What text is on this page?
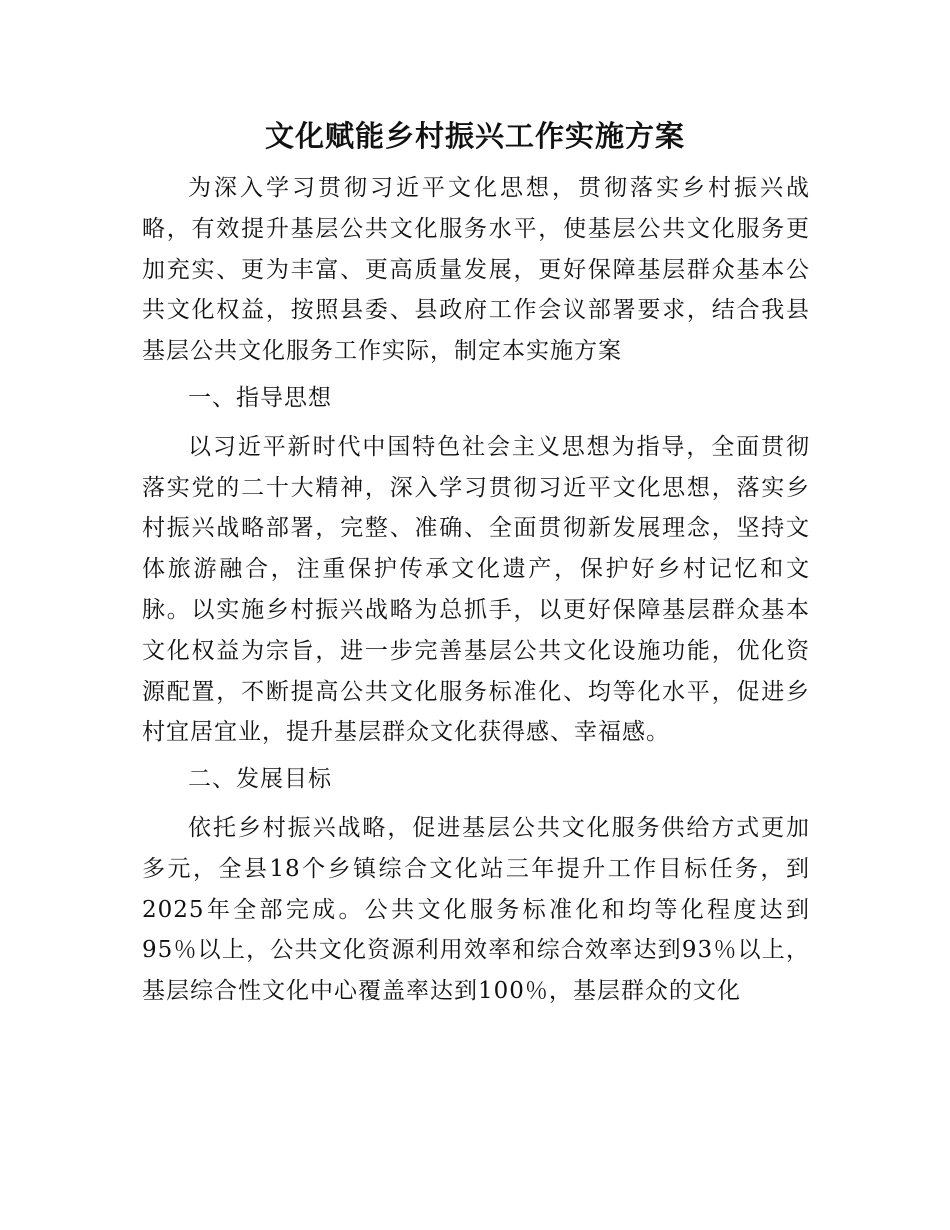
文化赋能乡村振兴工作实施方案

为深入学习贯彻习近平文化思想，贯彻落实乡村振兴战略，有效提升基层公共文化服务水平，使基层公共文化服务更加充实、更为丰富、更高质量发展，更好保障基层群众基本公共文化权益，按照县委、县政府工作会议部署要求，结合我县基层公共文化服务工作实际，制定本实施方案

一、指导思想

以习近平新时代中国特色社会主义思想为指导，全面贯彻落实党的二十大精神，深入学习贯彻习近平文化思想，落实乡村振兴战略部署，完整、准确、全面贯彻新发展理念，坚持文体旅游融合，注重保护传承文化遗产，保护好乡村记忆和文脉。以实施乡村振兴战略为总抓手，以更好保障基层群众基本文化权益为宗旨，进一步完善基层公共文化设施功能，优化资源配置，不断提高公共文化服务标准化、均等化水平，促进乡村宜居宜业，提升基层群众文化获得感、幸福感。

二、发展目标

依托乡村振兴战略，促进基层公共文化服务供给方式更加多元，全县18个乡镇综合文化站三年提升工作目标任务，到2025年全部完成。公共文化服务标准化和均等化程度达到95％以上，公共文化资源利用效率和综合效率达到93％以上，基层综合性文化中心覆盖率达到100％，基层群众的文化
